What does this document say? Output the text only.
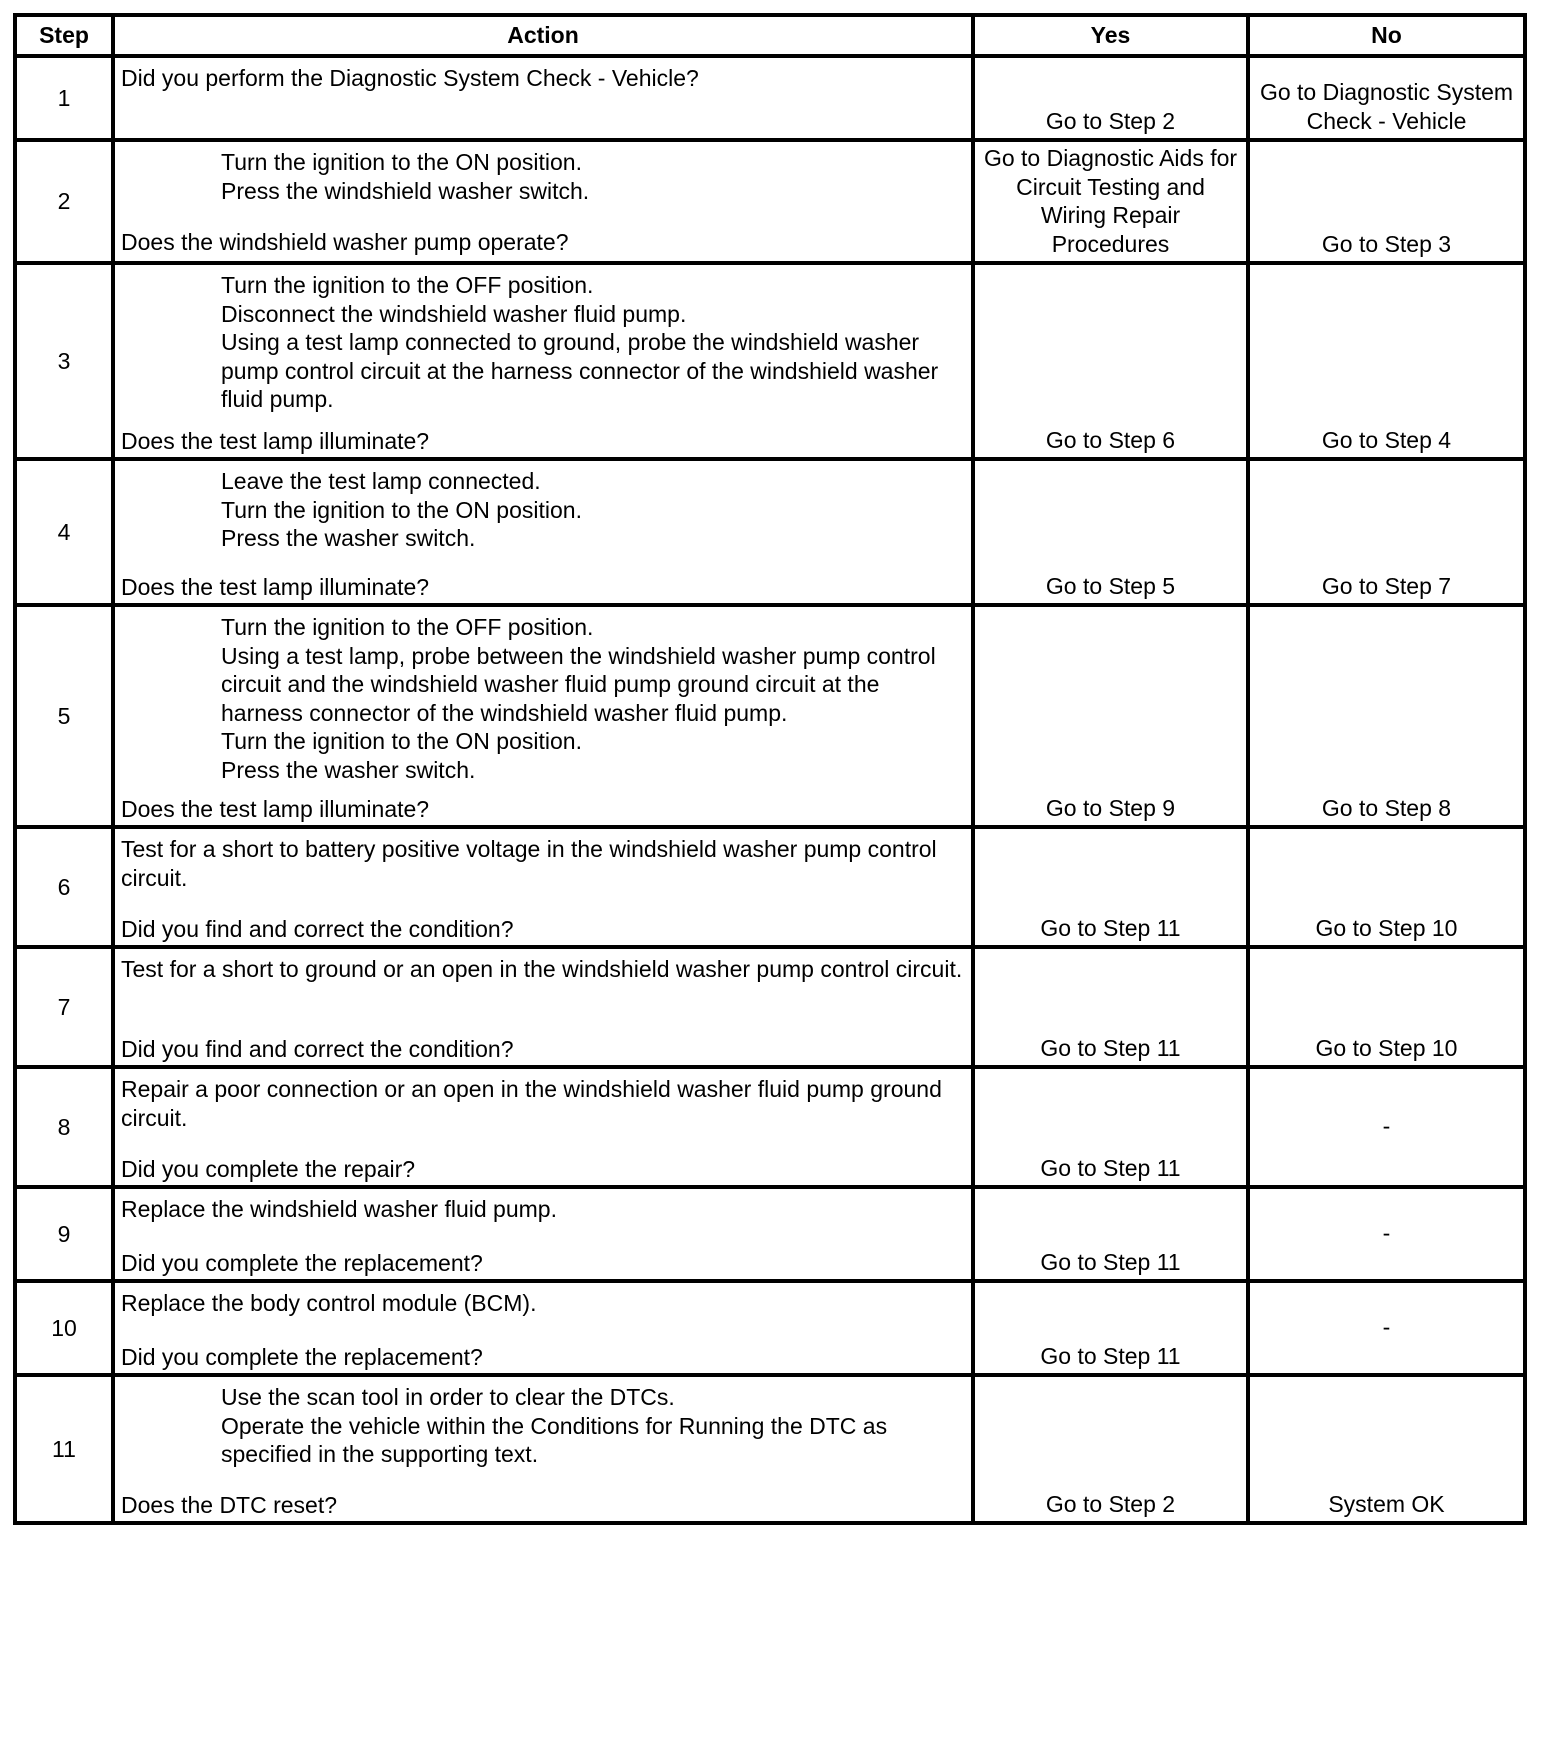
Step	Action	Yes	No
1	Did you perform the Diagnostic System Check - Vehicle?	Go to Step 2	Go to Diagnostic System Check - Vehicle
2	Turn the ignition to the ON position.
Press the windshield washer switch.
Does the windshield washer pump operate?	Go to Diagnostic Aids for Circuit Testing and Wiring Repair Procedures	Go to Step 3
3	Turn the ignition to the OFF position.
Disconnect the windshield washer fluid pump.
Using a test lamp connected to ground, probe the windshield washer pump control circuit at the harness connector of the windshield washer fluid pump.
Does the test lamp illuminate?	Go to Step 6	Go to Step 4
4	Leave the test lamp connected.
Turn the ignition to the ON position.
Press the washer switch.
Does the test lamp illuminate?	Go to Step 5	Go to Step 7
5	Turn the ignition to the OFF position.
Using a test lamp, probe between the windshield washer pump control circuit and the windshield washer fluid pump ground circuit at the harness connector of the windshield washer fluid pump.
Turn the ignition to the ON position.
Press the washer switch.
Does the test lamp illuminate?	Go to Step 9	Go to Step 8
6	Test for a short to battery positive voltage in the windshield washer pump control circuit.
Did you find and correct the condition?	Go to Step 11	Go to Step 10
7	Test for a short to ground or an open in the windshield washer pump control circuit.
Did you find and correct the condition?	Go to Step 11	Go to Step 10
8	Repair a poor connection or an open in the windshield washer fluid pump ground circuit.
Did you complete the repair?	Go to Step 11	-
9	Replace the windshield washer fluid pump.
Did you complete the replacement?	Go to Step 11	-
10	Replace the body control module (BCM).
Did you complete the replacement?	Go to Step 11	-
11	Use the scan tool in order to clear the DTCs.
Operate the vehicle within the Conditions for Running the DTC as specified in the supporting text.
Does the DTC reset?	Go to Step 2	System OK
